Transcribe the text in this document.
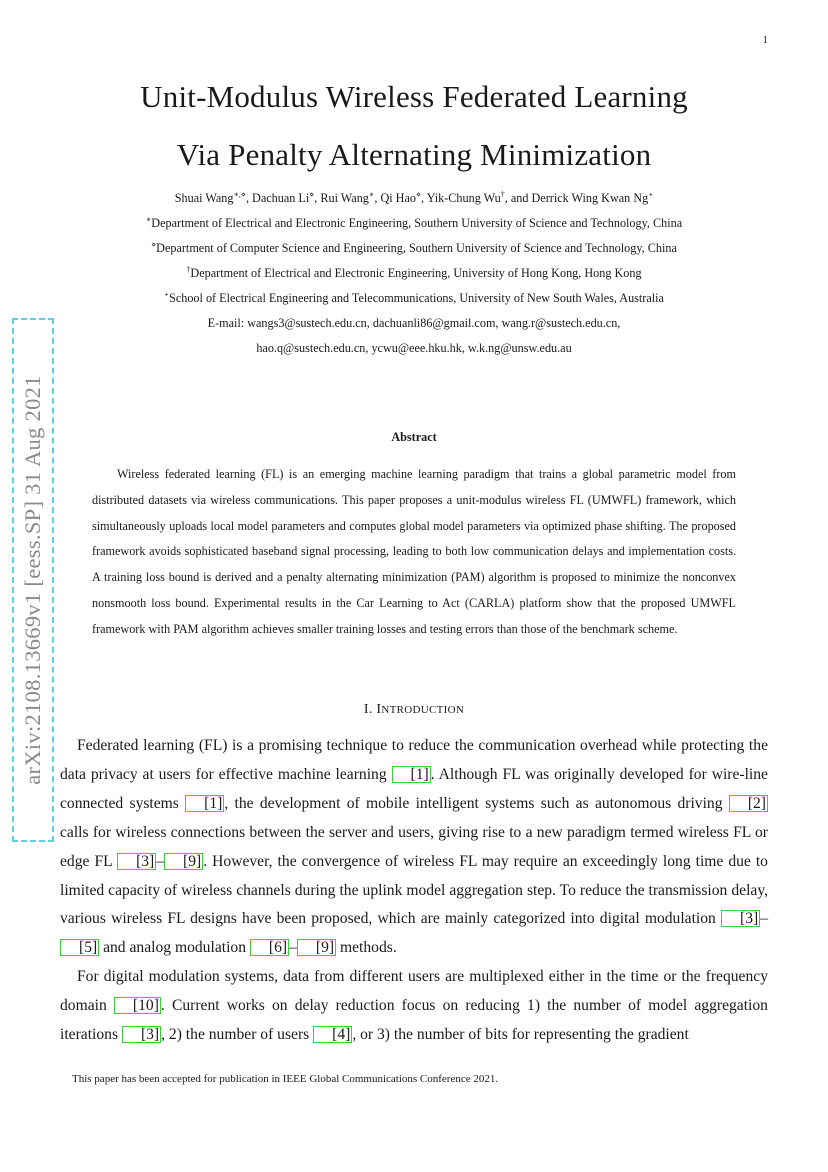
1
Unit-Modulus Wireless Federated Learning
Via Penalty Alternating Minimization
Shuai Wang∗,⋄, Dachuan Li⋄, Rui Wang∗, Qi Hao⋄, Yik-Chung Wu†, and Derrick Wing Kwan Ng⋆
∗Department of Electrical and Electronic Engineering, Southern University of Science and Technology, China
⋄Department of Computer Science and Engineering, Southern University of Science and Technology, China
†Department of Electrical and Electronic Engineering, University of Hong Kong, Hong Kong
⋆School of Electrical Engineering and Telecommunications, University of New South Wales, Australia
E-mail: wangs3@sustech.edu.cn, dachuanli86@gmail.com, wang.r@sustech.edu.cn,
hao.q@sustech.edu.cn, ycwu@eee.hku.hk, w.k.ng@unsw.edu.au
arXiv:2108.13669v1 [eess.SP] 31 Aug 2021	Abstract

Wireless federated learning (FL) is an emerging machine learning paradigm that trains a global parametric model from distributed datasets via wireless communications. This paper proposes a unit-modulus wireless FL (UMWFL) framework, which simultaneously uploads local model parameters and computes global model parameters via optimized phase shifting. The proposed framework avoids sophisticated baseband signal processing, leading to both low communication delays and implementation costs. A training loss bound is derived and a penalty alternating minimization (PAM) algorithm is proposed to minimize the nonconvex nonsmooth loss bound. Experimental results in the Car Learning to Act (CARLA) platform show that the proposed UMWFL framework with PAM algorithm achieves smaller training losses and testing errors than those of the benchmark scheme.

I. INTRODUCTION

Federated learning (FL) is a promising technique to reduce the communication overhead while protecting the data privacy at users for effective machine learning [1] . Although FL was originally developed for wire-line connected systems [1] , the development of mobile intelligent systems such as autonomous driving [2] calls for wireless connections between the server and users, giving rise to a new paradigm termed wireless FL or edge FL [3] – [9] . However, the convergence of wireless FL may require an exceedingly long time due to limited capacity of wireless channels during the uplink model aggregation step. To reduce the transmission delay, various wireless FL designs have been proposed, which are mainly categorized into digital modulation [3] –[5] and analog modulation [6] – [9] methods.

For digital modulation systems, data from different users are multiplexed either in the time or the frequency domain [10] . Current works on delay reduction focus on reducing 1) the number of model aggregation iterations [3] , 2) the number of users [4] , or 3) the number of bits for representing the gradient

This paper has been accepted for publication in IEEE Global Communications Conference 2021.
